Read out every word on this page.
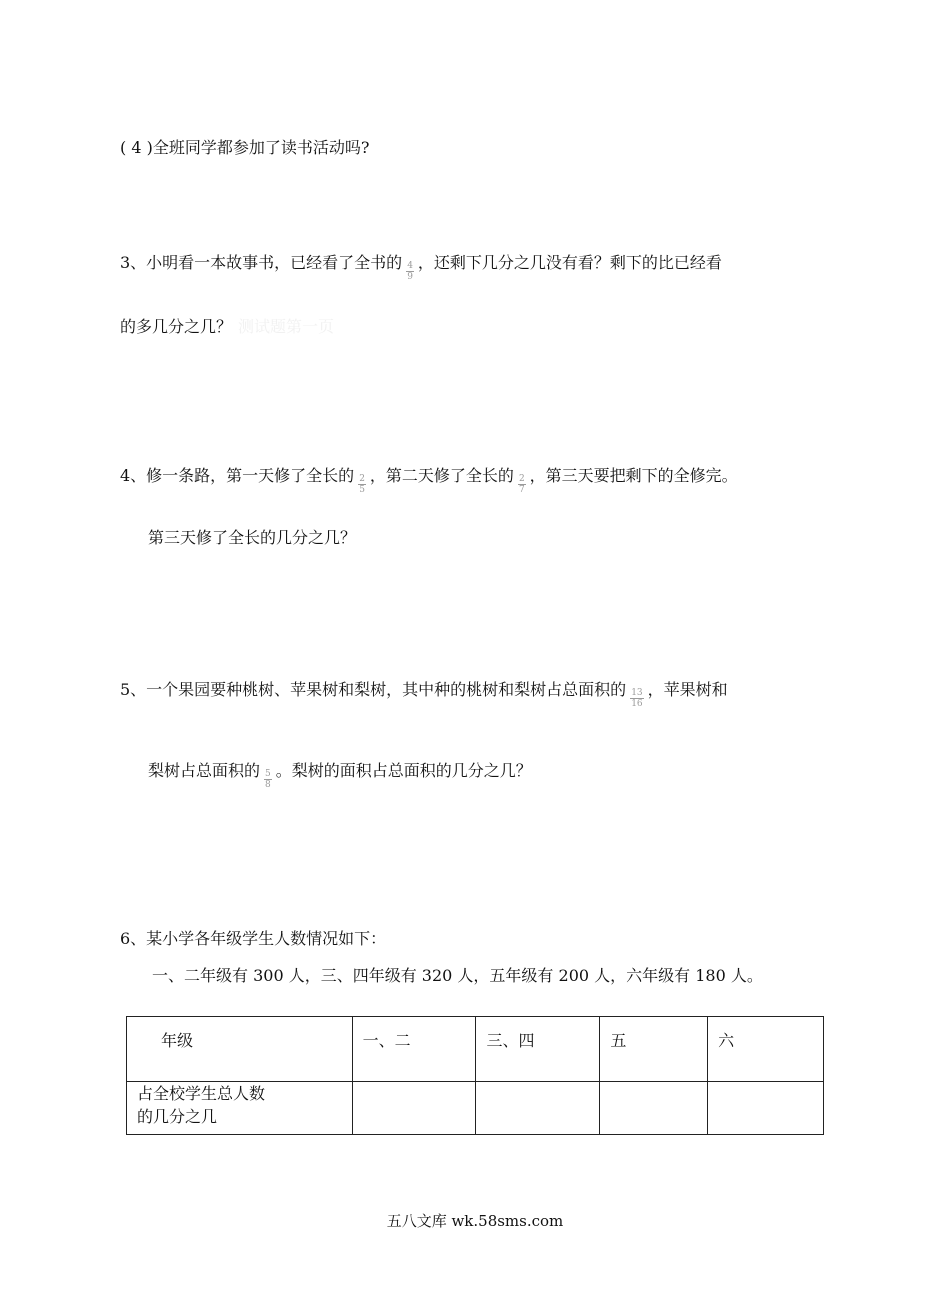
( 4 )全班同学都参加了读书活动吗?
3、小明看一本故事书，已经看了全书的 $\frac{4}{9}$ ，还剩下几分之几没有看？剩下的比已经看
的多几分之几？ 测试题第一页
4、修一条路，第一天修了全长的 $\frac{2}{5}$ ，第二天修了全长的 $\frac{2}{7}$ ，第三天要把剩下的全修完。
第三天修了全长的几分之几？
5、一个果园要种桃树、苹果树和梨树，其中种的桃树和梨树占总面积的 $\frac{13}{16}$ ，苹果树和
梨树占总面积的 $\frac{5}{8}$ 。梨树的面积占总面积的几分之几？
6、某小学各年级学生人数情况如下：
一、二年级有 300 人，三、四年级有 320 人，五年级有 200 人，六年级有 180 人。
年级	一、二	三、四	五	六

占全校学生总人数
的几分之几				

五八文库 wk.58sms.com
